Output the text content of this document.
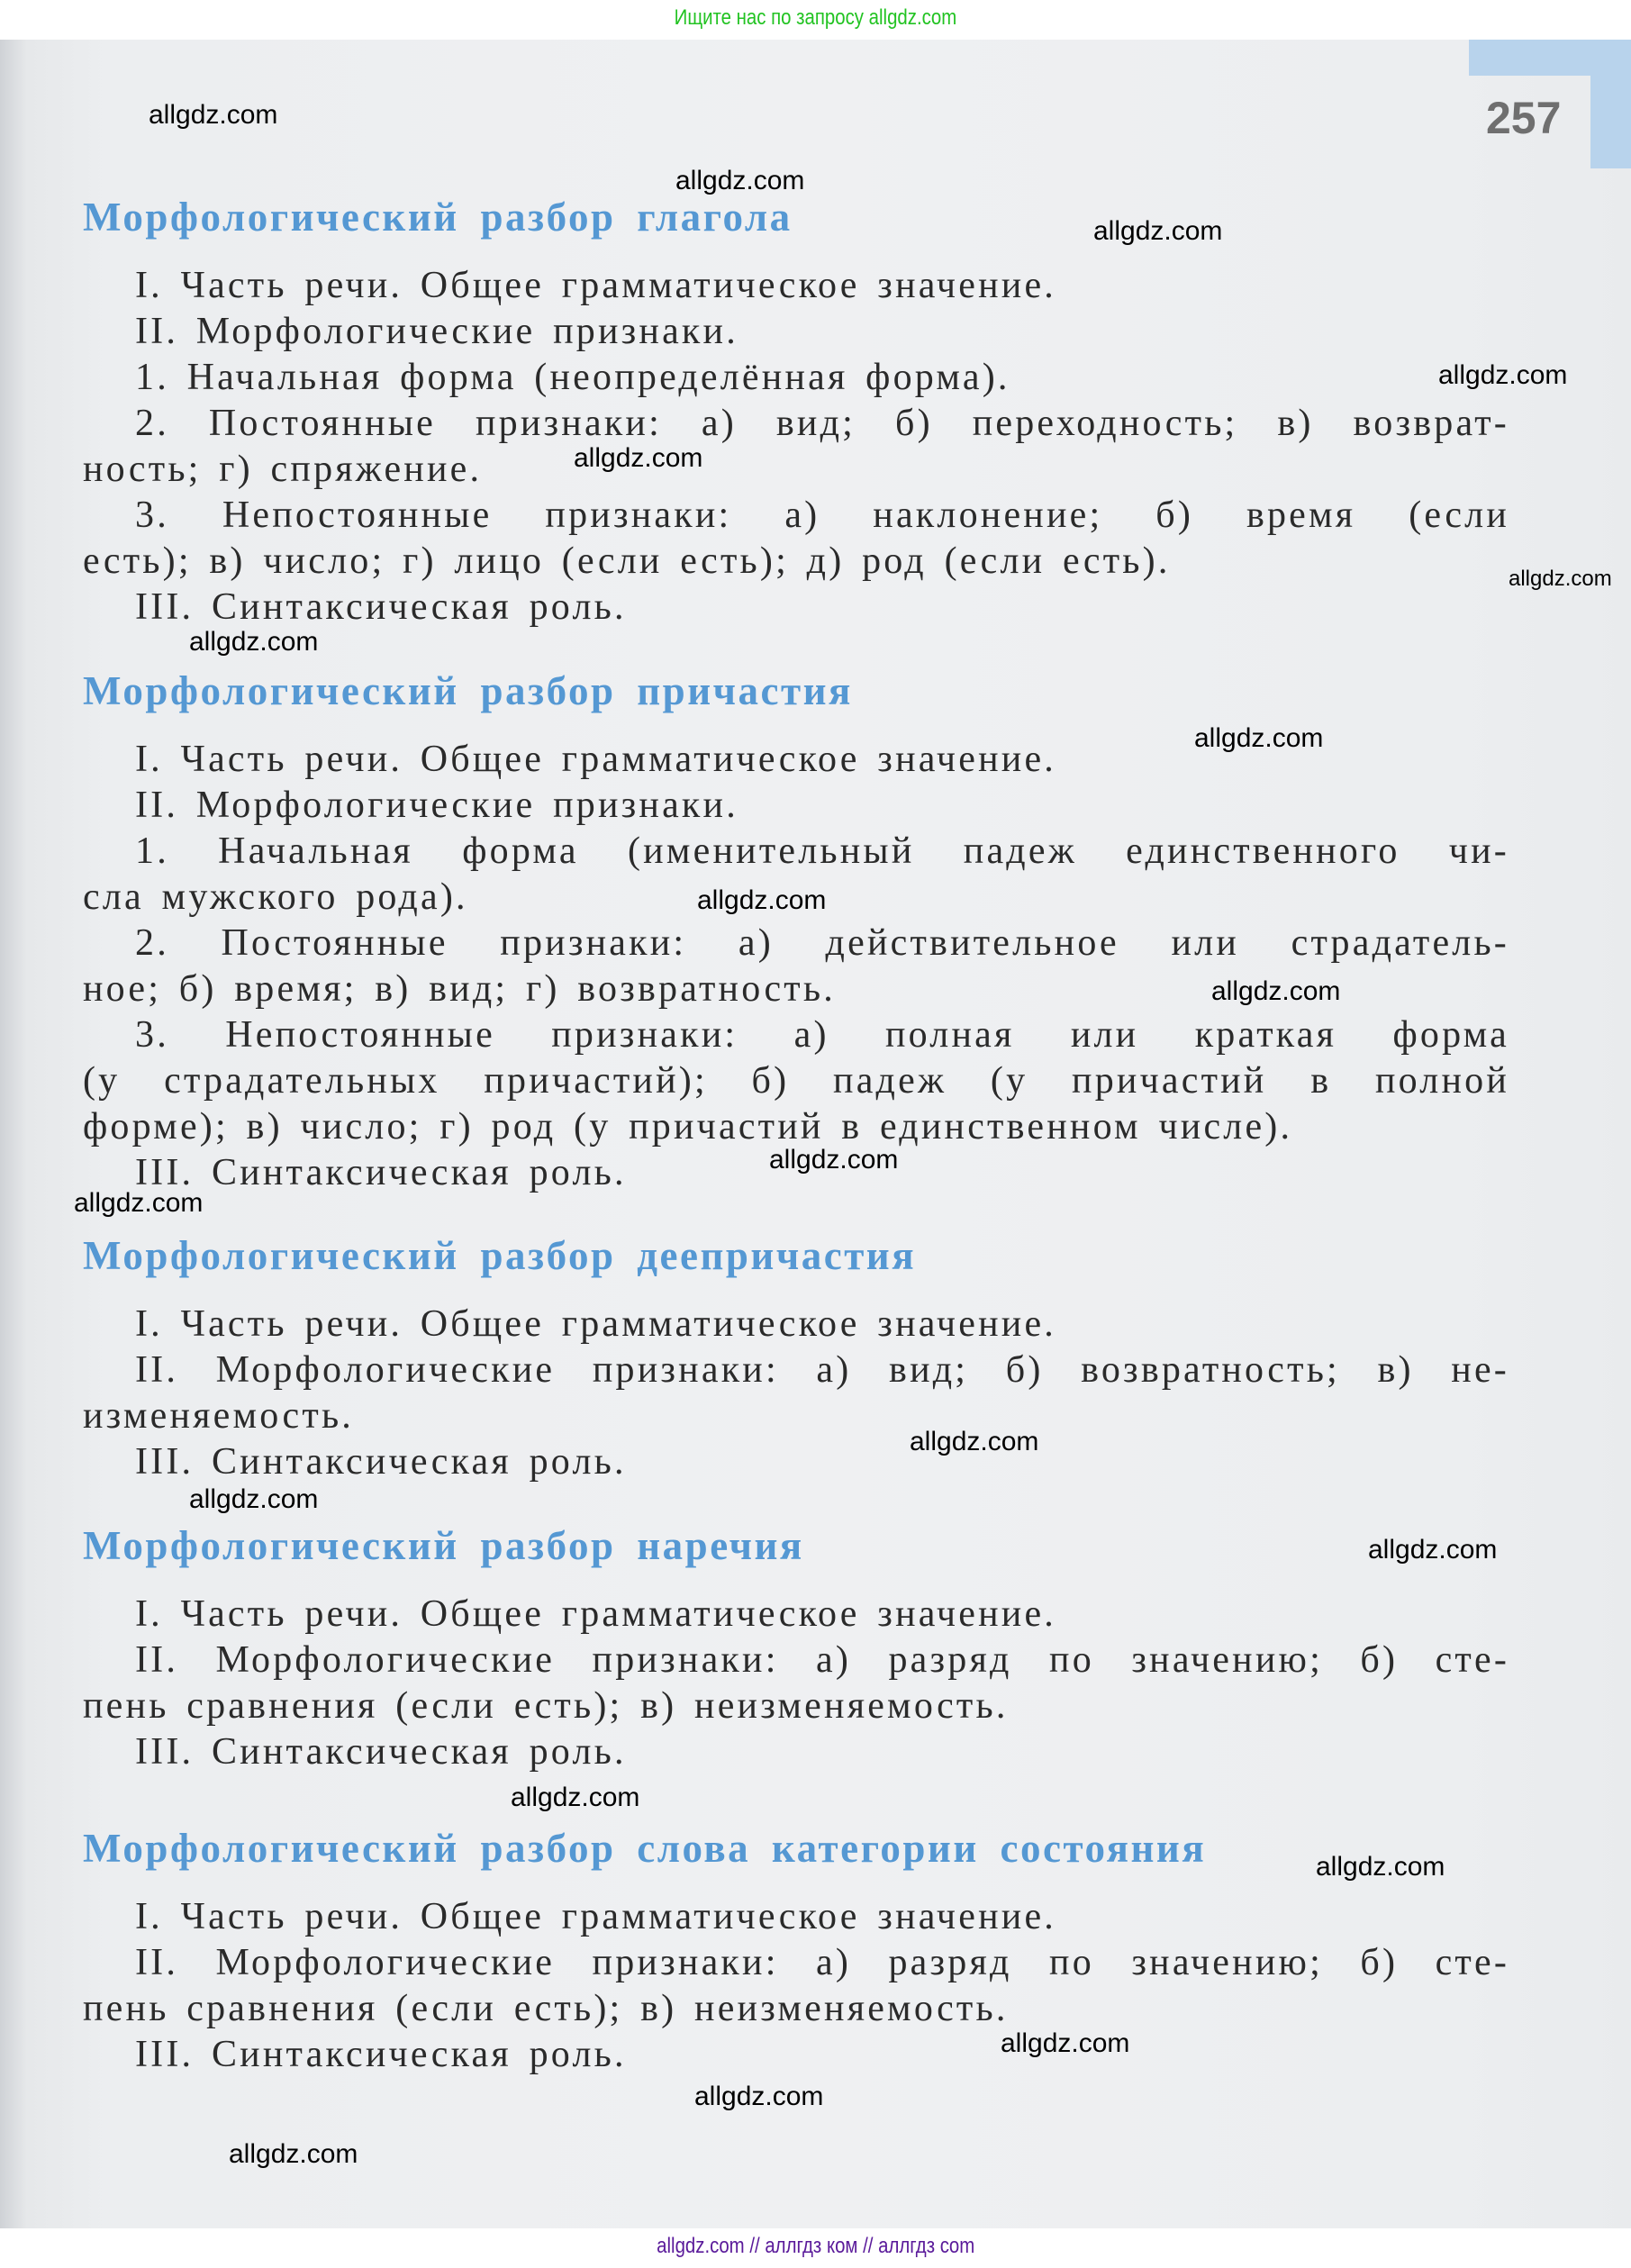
Ищите нас по запросу allgdz.com
257
Морфологический разбор глагола
I. Часть речи. Общее грамматическое значение.
II. Морфологические признаки.
1. Начальная форма (неопределённая форма).
2. Постоянные признаки: а) вид; б) переходность; в) возврат-
ность; г) спряжение.
3. Непостоянные признаки: а) наклонение; б) время (если
есть); в) число; г) лицо (если есть); д) род (если есть).
III. Синтаксическая роль.
Морфологический разбор причастия
I. Часть речи. Общее грамматическое значение.
II. Морфологические признаки.
1. Начальная форма (именительный падеж единственного чи-
сла мужского рода).
2. Постоянные признаки: а) действительное или страдатель-
ное; б) время; в) вид; г) возвратность.
3. Непостоянные признаки: а) полная или краткая форма
(у страдательных причастий); б) падеж (у причастий в полной
форме); в) число; г) род (у причастий в единственном числе).
III. Синтаксическая роль.
Морфологический разбор деепричастия
I. Часть речи. Общее грамматическое значение.
II. Морфологические признаки: а) вид; б) возвратность; в) не-
изменяемость.
III. Синтаксическая роль.
Морфологический разбор наречия
I. Часть речи. Общее грамматическое значение.
II. Морфологические признаки: а) разряд по значению; б) сте-
пень сравнения (если есть); в) неизменяемость.
III. Синтаксическая роль.
Морфологический разбор слова категории состояния
I. Часть речи. Общее грамматическое значение.
II. Морфологические признаки: а) разряд по значению; б) сте-
пень сравнения (если есть); в) неизменяемость.
III. Синтаксическая роль.
allgdz.com
allgdz.com
allgdz.com
allgdz.com
allgdz.com
allgdz.com
allgdz.com
allgdz.com
allgdz.com
allgdz.com
allgdz.com
allgdz.com
allgdz.com
allgdz.com
allgdz.com
allgdz.com
allgdz.com
allgdz.com
allgdz.com
allgdz.com
allgdz.com // аллгдз ком // аллгдз com
